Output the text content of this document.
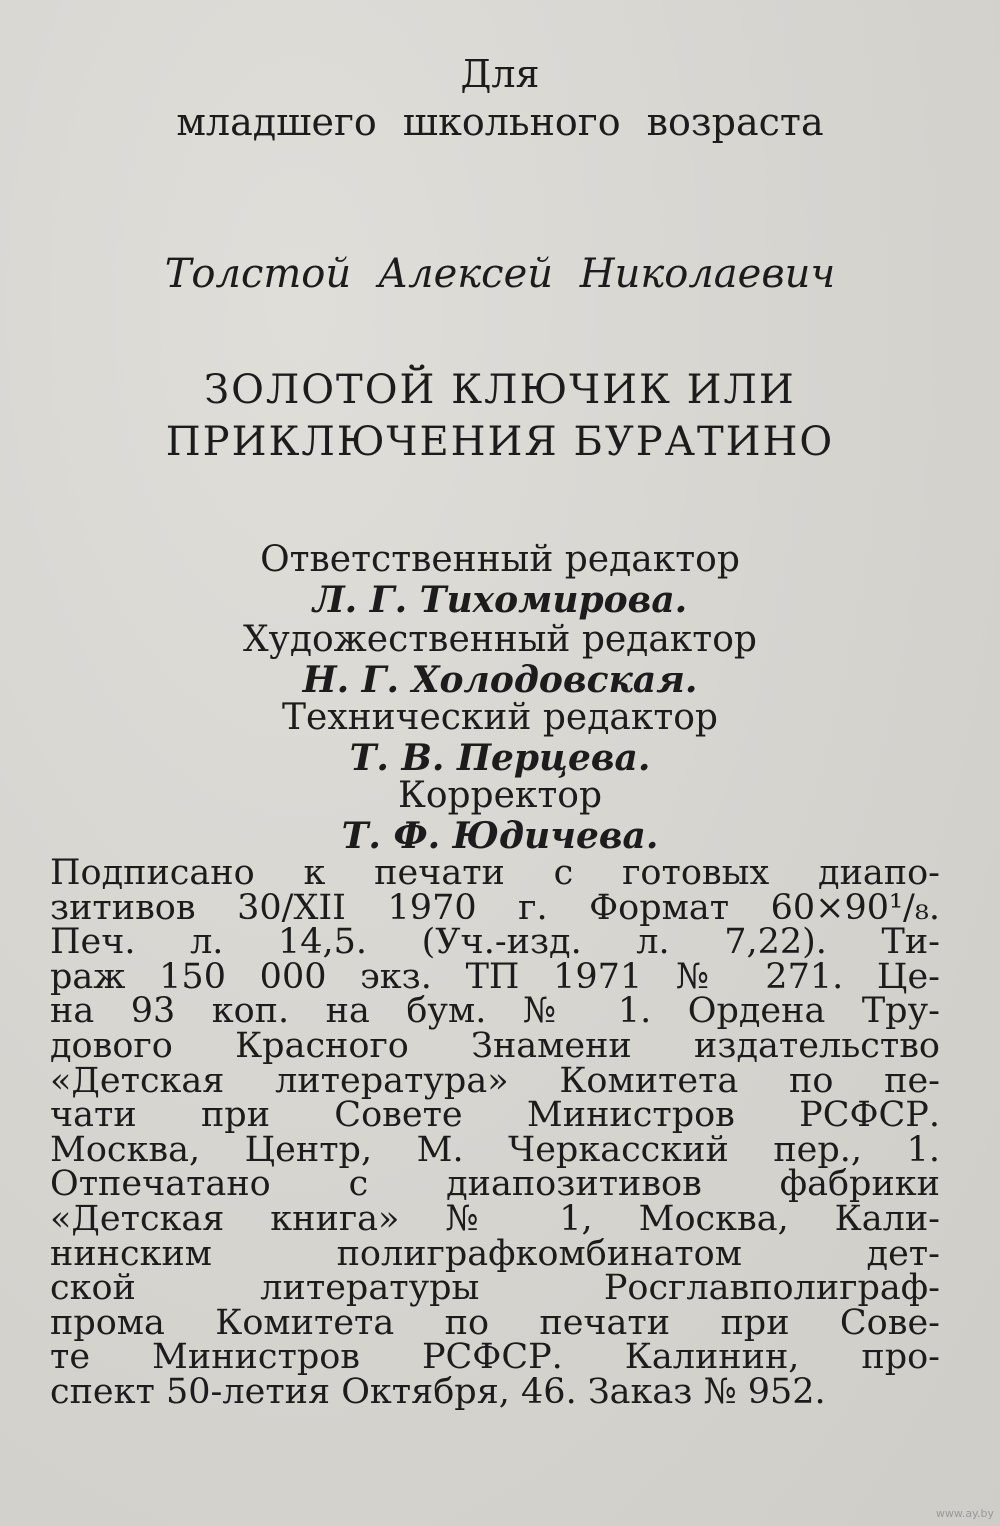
Для
младшего школьного возраста
Толстой Алексей Николаевич
ЗОЛОТОЙ КЛЮЧИК ИЛИ
ПРИКЛЮЧЕНИЯ БУРАТИНО
Ответственный редактор
Л. Г. Тихомирова.
Художественный редактор
Н. Г. Холодовская.
Технический редактор
Т. В. Перцева.
Корректор
Т. Ф. Юдичева.
Подписано к печати с готовых диапо-
зитивов 30/XII 1970 г. Формат 60×90¹/₈.
Печ. л. 14,5. (Уч.-изд. л. 7,22). Ти-
раж 150 000 экз. ТП 1971 № 271. Це-
на 93 коп. на бум. № 1. Ордена Тру-
дового Красного Знамени издательство
«Детская литература» Комитета по пе-
чати при Совете Министров РСФСР.
Москва, Центр, М. Черкасский пер., 1.
Отпечатано с диапозитивов фабрики
«Детская книга» № 1, Москва, Кали-
нинским полиграфкомбинатом дет-
ской литературы Росглавполиграф-
прома Комитета по печати при Сове-
те Министров РСФСР. Калинин, про-
спект 50-летия Октября, 46. Заказ № 952.
www.ay.by
